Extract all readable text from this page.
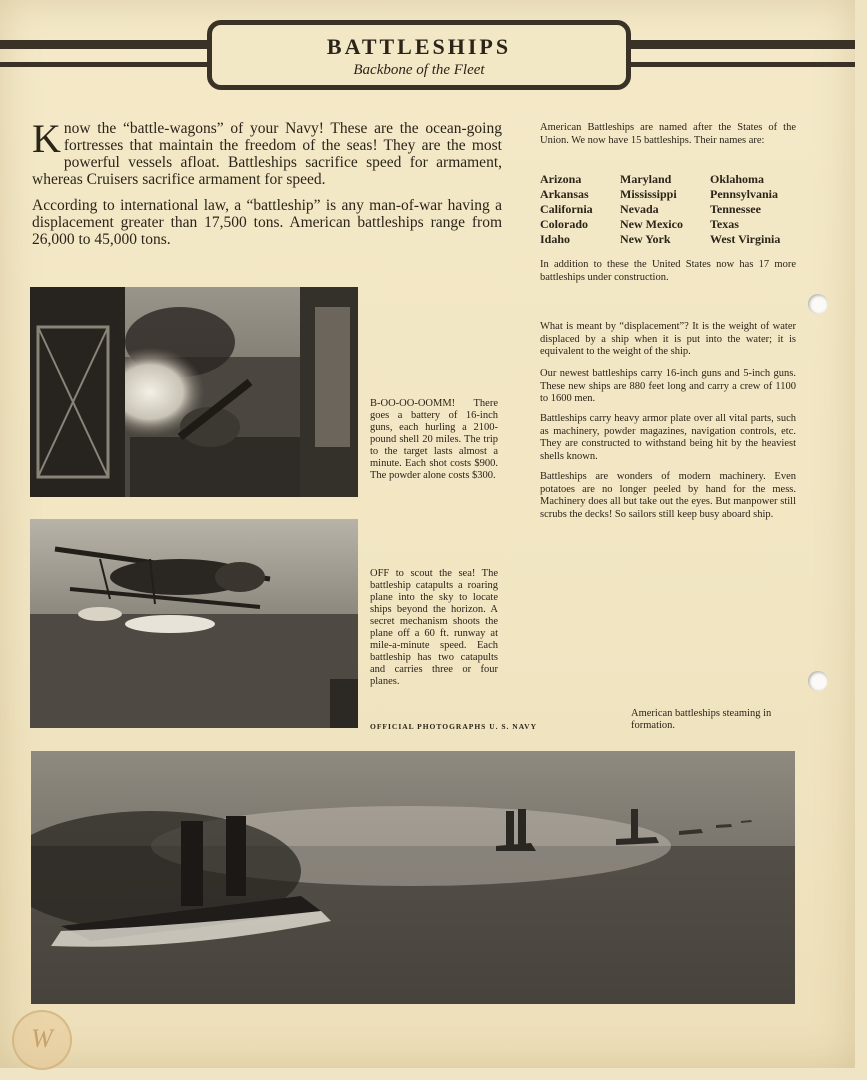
BATTLESHIPS
Backbone of the Fleet

Know the “battle-wagons” of your Navy! These are the ocean-going fortresses that maintain the freedom of the seas! They are the most powerful vessels afloat. Battleships sacrifice speed for armament, whereas Cruisers sacrifice armament for speed.

According to international law, a “battleship” is any man-of-war having a displacement greater than 17,500 tons. American battleships range from 26,000 to 45,000 tons.

American Battleships are named after the States of the Union. We now have 15 battleships. Their names are:
Arizona	Maryland	Oklahoma
Arkansas	Mississippi	Pennsylvania
California	Nevada	Tennessee
Colorado	New Mexico	Texas
Idaho	New York	West Virginia
In addition to these the United States now has 17 more battleships under construction.
What is meant by “displacement”? It is the weight of water displaced by a ship when it is put into the water; it is equivalent to the weight of the ship.
Our newest battleships carry 16-inch guns and 5-inch guns. These new ships are 880 feet long and carry a crew of 1100 to 1600 men.
Battleships carry heavy armor plate over all vital parts, such as machinery, powder magazines, navigation controls, etc. They are constructed to withstand being hit by the heaviest shells known.
Battleships are wonders of modern machinery. Even potatoes are no longer peeled by hand for the mess. Machinery does all but take out the eyes. But manpower still scrubs the decks! So sailors still keep busy aboard ship.
B-OO-OO-OOMM! There goes a battery of 16-inch guns, each hurling a 2100-pound shell 20 miles. The trip to the target lasts almost a minute. Each shot costs $900. The powder alone costs $300.
OFF to scout the sea! The battleship catapults a roaring plane into the sky to locate ships beyond the horizon. A secret mechanism shoots the plane off a 60 ft. runway at mile-a-minute speed. Each battleship has two catapults and carries three or four planes.
OFFICIAL PHOTOGRAPHS U. S. NAVY
American battleships steaming in formation.
W
